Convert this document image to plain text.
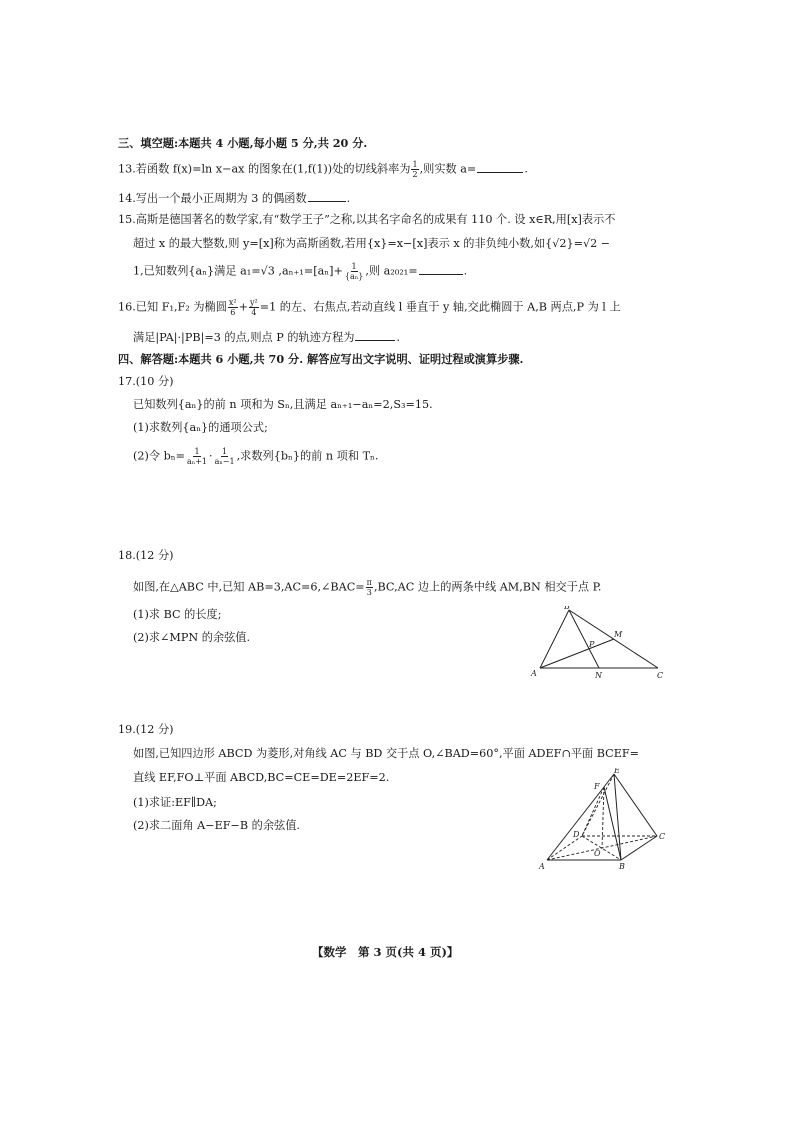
三、填空题:本题共 4 小题,每小题 5 分,共 20 分.
13.若函数 f(x)=ln x−ax 的图象在(1,f(1))处的切线斜率为 $\frac{1}{2}$ ,则实数 a=	.
14.写出一个最小正周期为 3 的偶函数	.
15.高斯是德国著名的数学家,有“数学王子”之称,以其名字命名的成果有 110 个. 设 x∈R,用[x]表示不
超过 x 的最大整数,则 y=[x]称为高斯函数,若用{x}=x−[x]表示 x 的非负纯小数,如{√2}=√2 −
1,已知数列{aₙ}满足 a₁=√3 $,a_{n+1}=[a_n]+ \frac{1}{\text{\{aₙ\}}}$ ,则 a₂₀₂₁=	.
16.已知 F₁,F₂ 为椭圆 $\frac{\text{x²}}{6} + \frac{\text{y²}}{4} =1$ 的左、右焦点,若动直线 l 垂直于 y 轴,交此椭圆于 A,B 两点,P 为 l 上
满足|PA|·|PB|=3 的点,则点 P 的轨迹方程为	.
四、解答题:本题共 6 小题,共 70 分. 解答应写出文字说明、证明过程或演算步骤.
17.(10 分)
已知数列{aₙ}的前 n 项和为 Sₙ,且满足 aₙ₊₁−aₙ=2,S₃=15.
(1)求数列{aₙ}的通项公式;
(2)令 $b_n= \frac{1}{\text{aₙ+1}} \cdot \frac{1}{\text{aₙ−1}}$ ,求数列{bₙ}的前 n 项和 Tₙ.
18.(12 分)
如图,在△ABC 中,已知 AB=3,AC=6,∠BAC= $\frac{\pi}{3} ,BC,AC$ 边上的两条中线 AM,BN 相交于点 P.
(1)求 BC 的长度;
(2)求∠MPN 的余弦值.
B
M
P
A	N	C
19.(12 分)
如图,已知四边形 ABCD 为菱形,对角线 AC 与 BD 交于点 O,∠BAD=60°,平面 ADEF∩平面 BCEF=
直线 EF,FO⊥平面 ABCD,BC=CE=DE=2EF=2.
(1)求证:EF∥DA;
(2)求二面角 A−EF−B 的余弦值.
E
F
D
O
C
A	B
【数学　第 3 页(共 4 页)】
